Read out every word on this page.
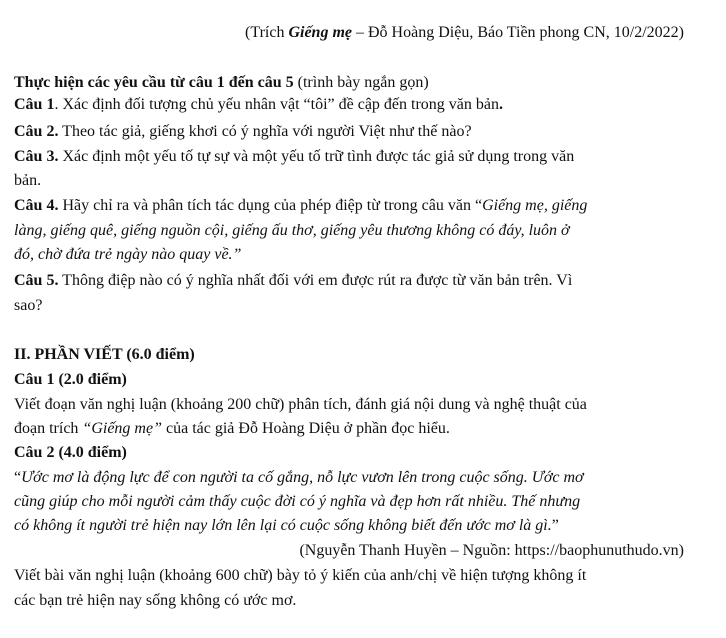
(Trích Giếng mẹ – Đỗ Hoàng Diệu, Báo Tiền phong CN, 10/2/2022)
Thực hiện các yêu cầu từ câu 1 đến câu 5 (trình bày ngắn gọn)
Câu 1. Xác định đối tượng chủ yếu nhân vật “tôi” đề cập đến trong văn bản.
Câu 2. Theo tác giả, giếng khơi có ý nghĩa với người Việt như thế nào?
Câu 3. Xác định một yếu tố tự sự và một yếu tố trữ tình được tác giả sử dụng trong văn
bản.
Câu 4. Hãy chỉ ra và phân tích tác dụng của phép điệp từ trong câu văn “Giếng mẹ, giếng
làng, giếng quê, giếng nguồn cội, giếng ấu thơ, giếng yêu thương không có đáy, luôn ở
đó, chờ đứa trẻ ngày nào quay về.”
Câu 5. Thông điệp nào có ý nghĩa nhất đối với em được rút ra được từ văn bản trên. Vì
sao?
II. PHẦN VIẾT (6.0 điểm)
Câu 1 (2.0 điểm)
Viết đoạn văn nghị luận (khoảng 200 chữ) phân tích, đánh giá nội dung và nghệ thuật của
đoạn trích “Giếng mẹ” của tác giả Đỗ Hoàng Diệu ở phần đọc hiểu.
Câu 2 (4.0 điểm)
“Ước mơ là động lực để con người ta cố gắng, nỗ lực vươn lên trong cuộc sống. Ước mơ
cũng giúp cho mỗi người cảm thấy cuộc đời có ý nghĩa và đẹp hơn rất nhiều. Thế nhưng
có không ít người trẻ hiện nay lớn lên lại có cuộc sống không biết đến ước mơ là gì.”
(Nguyễn Thanh Huyền – Nguồn: https://baophunuthudo.vn)
Viết bài văn nghị luận (khoảng 600 chữ) bày tỏ ý kiến của anh/chị về hiện tượng không ít
các bạn trẻ hiện nay sống không có ước mơ.
